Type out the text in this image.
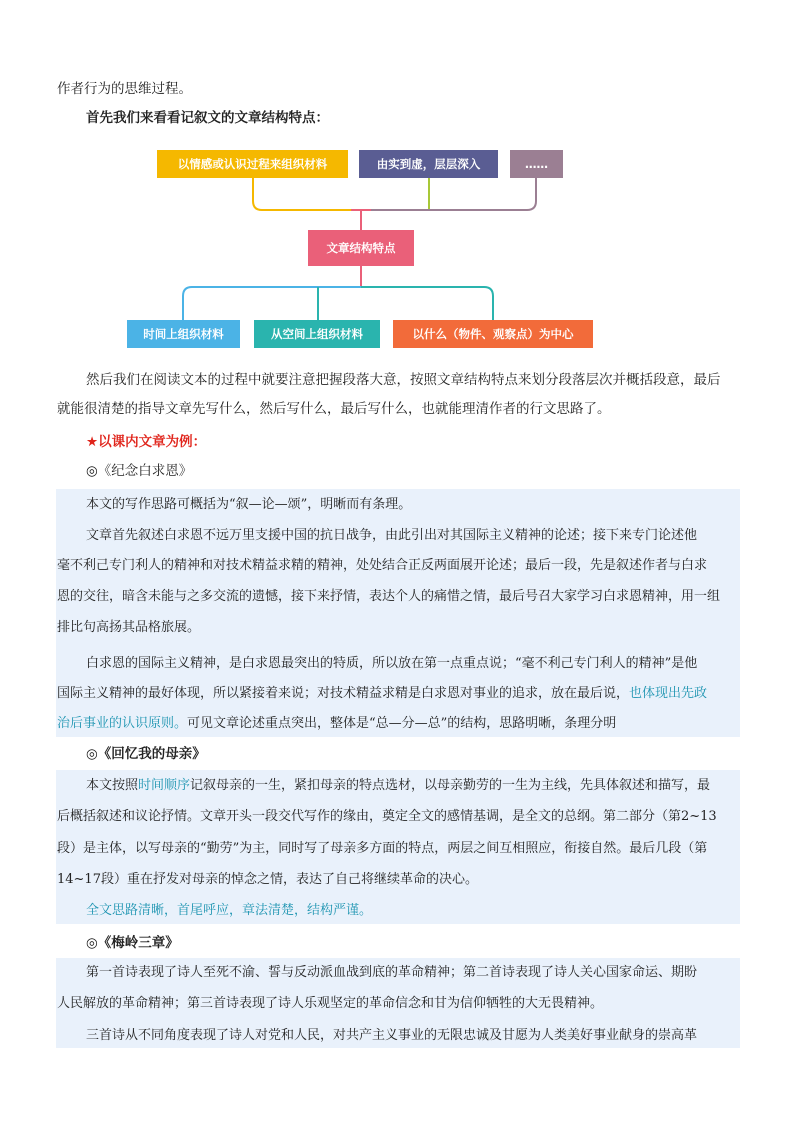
作者行为的思维过程。
首先我们来看看记叙文的文章结构特点：
以情感或认识过程来组织材料	由实到虚，层层深入	……
文章结构特点
时间上组织材料	从空间上组织材料	以什么（物件、观察点）为中心
然后我们在阅读文本的过程中就要注意把握段落大意，按照文章结构特点来划分段落层次并概括段意，最后
就能很清楚的指导文章先写什么，然后写什么，最后写什么，也就能理清作者的行文思路了。
★以课内文章为例：
◎《纪念白求恩》
本文的写作思路可概括为“叙—论—颂”，明晰而有条理。
文章首先叙述白求恩不远万里支援中国的抗日战争，由此引出对其国际主义精神的论述；接下来专门论述他
毫不利己专门利人的精神和对技术精益求精的精神，处处结合正反两面展开论述；最后一段，先是叙述作者与白求
恩的交往，暗含未能与之多交流的遗憾，接下来抒情，表达个人的痛惜之情，最后号召大家学习白求恩精神，用一组
排比句高扬其品格旅展。
白求恩的国际主义精神，是白求恩最突出的特质，所以放在第一点重点说；“毫不利己专门利人的精神”是他
国际主义精神的最好体现，所以紧接着来说；对技术精益求精是白求恩对事业的追求，放在最后说，也体现出先政
治后事业的认识原则。可见文章论述重点突出，整体是“总—分—总”的结构，思路明晰，条理分明
◎《回忆我的母亲》
本文按照时间顺序记叙母亲的一生，紧扣母亲的特点选材，以母亲勤劳的一生为主线，先具体叙述和描写，最
后概括叙述和议论抒情。文章开头一段交代写作的缘由，奠定全文的感情基调，是全文的总纲。第二部分（第2~13
段）是主体，以写母亲的“勤劳”为主，同时写了母亲多方面的特点，两层之间互相照应，衔接自然。最后几段（第
14~17段）重在抒发对母亲的悼念之情，表达了自己将继续革命的决心。
全文思路清晰，首尾呼应，章法清楚，结构严谨。
◎《梅岭三章》
第一首诗表现了诗人至死不渝、誓与反动派血战到底的革命精神；第二首诗表现了诗人关心国家命运、期盼
人民解放的革命精神；第三首诗表现了诗人乐观坚定的革命信念和甘为信仰牺牲的大无畏精神。
三首诗从不同角度表现了诗人对党和人民，对共产主义事业的无限忠诚及甘愿为人类美好事业献身的崇高革
